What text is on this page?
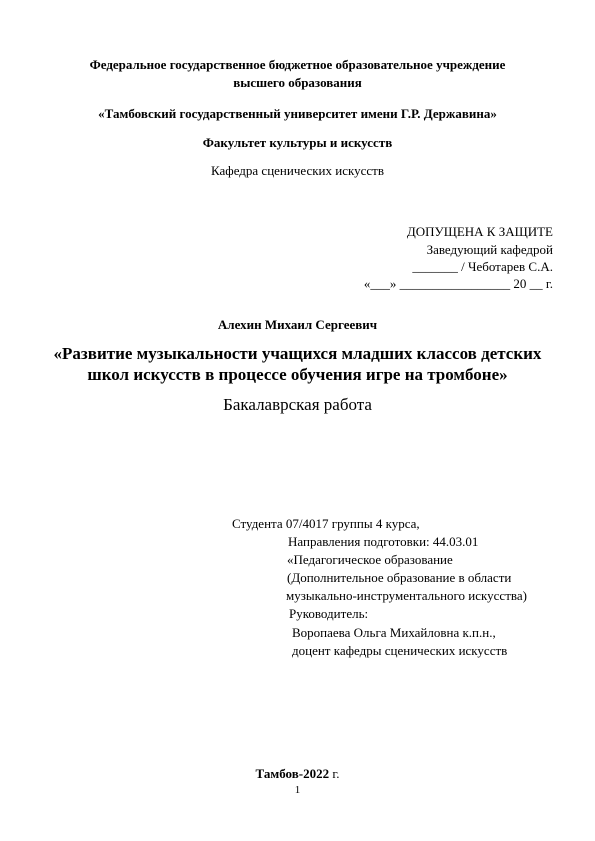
Федеральное государственное бюджетное образовательное учреждение
высшего образования
«Тамбовский государственный университет имени Г.Р. Державина»
Факультет культуры и искусств
Кафедра сценических искусств
ДОПУЩЕНА К ЗАЩИТЕ
Заведующий кафедрой
_______ / Чеботарев С.А.
«___» _________________ 20 __ г.
Алехин Михаил Сергеевич
«Развитие музыкальности учащихся младших классов детских
школ искусств в процессе обучения игре на тромбоне»
Бакалаврская работа
Студента 07/4017 группы 4 курса,
Направления подготовки: 44.03.01
«Педагогическое образование
(Дополнительное образование в области
музыкально-инструментального искусства)
Руководитель:
Воропаева Ольга Михайловна к.п.н.,
доцент кафедры сценических искусств
Тамбов-2022 г.
1
